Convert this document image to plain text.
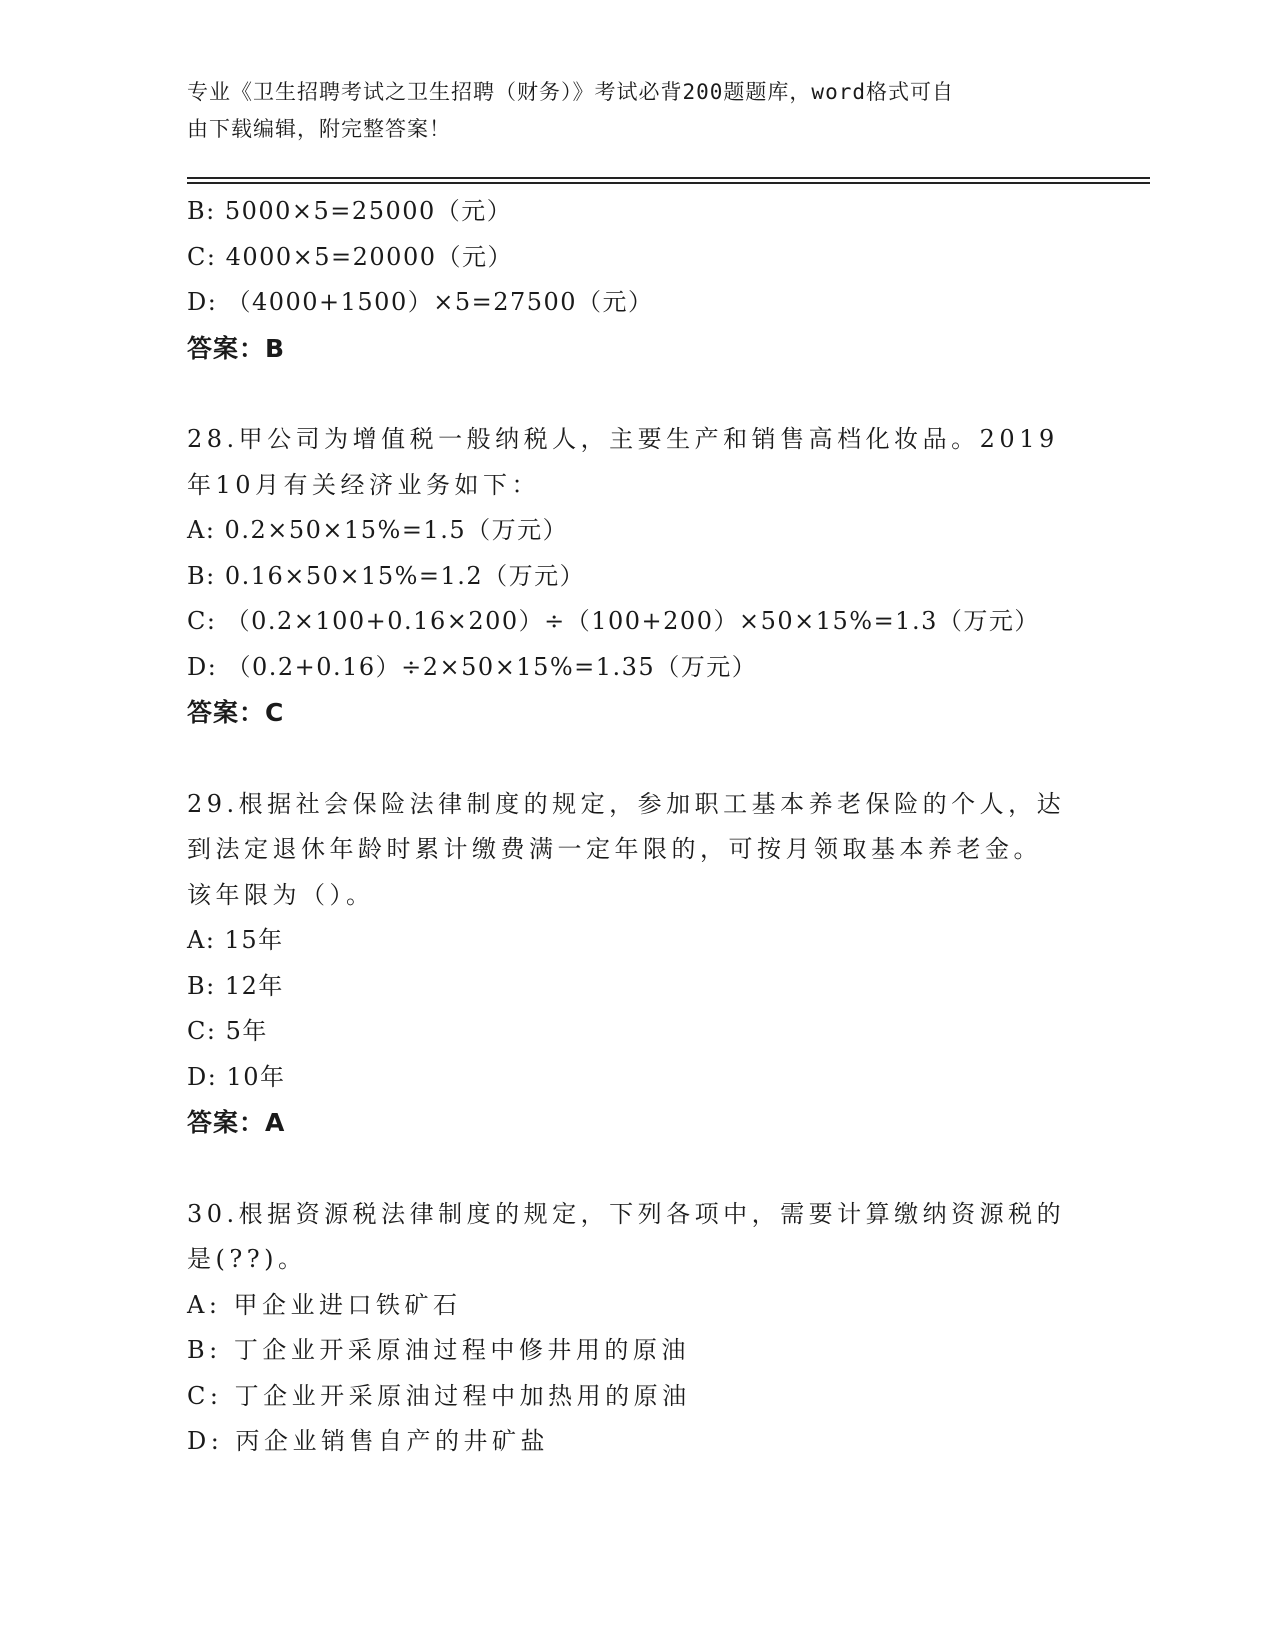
专业《卫生招聘考试之卫生招聘（财务）》考试必背200题题库，word格式可自
由下载编辑，附完整答案！
B: 5000×5=25000（元）
C: 4000×5=20000（元）
D: （4000+1500）×5=27500（元）
答案：B
28.甲公司为增值税一般纳税人，主要生产和销售高档化妆品。2019
年10月有关经济业务如下：
A: 0.2×50×15%=1.5（万元）
B: 0.16×50×15%=1.2（万元）
C: （0.2×100+0.16×200）÷（100+200）×50×15%=1.3（万元）
D: （0.2+0.16）÷2×50×15%=1.35（万元）
答案：C
29.根据社会保险法律制度的规定，参加职工基本养老保险的个人，达
到法定退休年龄时累计缴费满一定年限的，可按月领取基本养老金。
该年限为（）。
A: 15年
B: 12年
C: 5年
D: 10年
答案：A
30.根据资源税法律制度的规定，下列各项中，需要计算缴纳资源税的
是(??)。
A: 甲企业进口铁矿石
B: 丁企业开采原油过程中修井用的原油
C: 丁企业开采原油过程中加热用的原油
D: 丙企业销售自产的井矿盐
